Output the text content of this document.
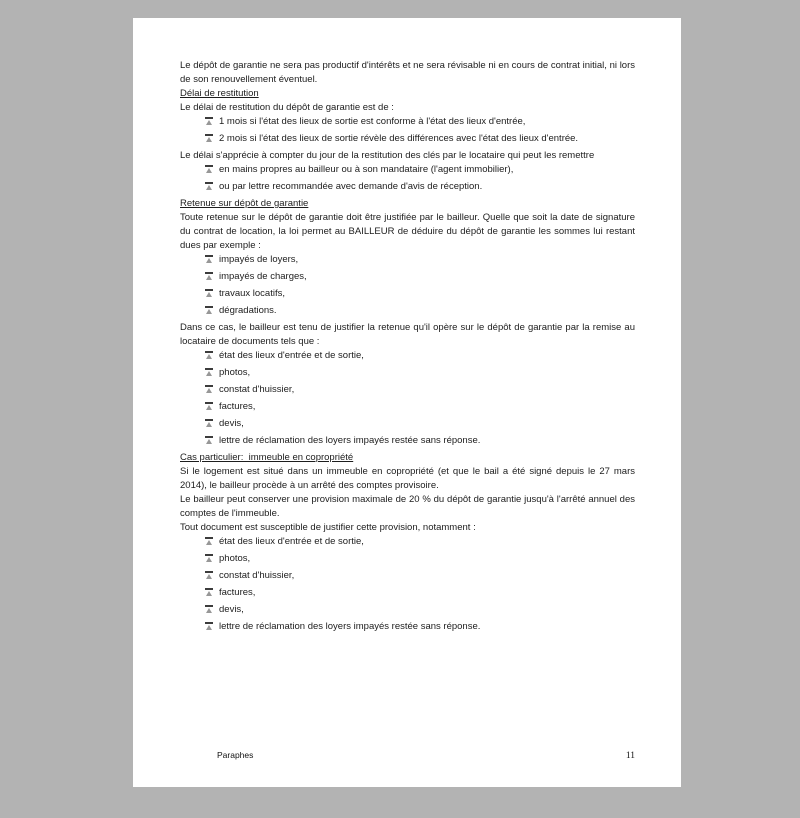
Le dépôt de garantie ne sera pas productif d'intérêts et ne sera révisable ni en cours de contrat initial, ni lors de son renouvellement éventuel.

Délai de restitution

Le délai de restitution du dépôt de garantie est de :

1 mois si l'état des lieux de sortie est conforme à l'état des lieux d'entrée,
2 mois si l'état des lieux de sortie révèle des différences avec l'état des lieux d'entrée.

Le délai s'apprécie à compter du jour de la restitution des clés par le locataire qui peut les remettre

en mains propres au bailleur ou à son mandataire (l'agent immobilier),
ou par lettre recommandée avec demande d'avis de réception.
Retenue sur dépôt de garantie

Toute retenue sur le dépôt de garantie doit être justifiée par le bailleur. Quelle que soit la date de signature du contrat de location, la loi permet au BAILLEUR de déduire du dépôt de garantie les sommes lui restant dues par exemple :

impayés de loyers,
impayés de charges,
travaux locatifs,
dégradations.

Dans ce cas, le bailleur est tenu de justifier la retenue qu'il opère sur le dépôt de garantie par la remise au locataire de documents tels que :

état des lieux d'entrée et de sortie,
photos,
constat d'huissier,
factures,
devis,
lettre de réclamation des loyers impayés restée sans réponse.
Cas particulier:  immeuble en copropriété

Si le logement est situé dans un immeuble en copropriété (et que le bail a été signé depuis le 27 mars 2014), le bailleur procède à un arrêté des comptes provisoire.

Le bailleur peut conserver une provision maximale de 20 % du dépôt de garantie jusqu'à l'arrêté annuel des comptes de l'immeuble.

Tout document est susceptible de justifier cette provision, notamment :

état des lieux d'entrée et de sortie,
photos,
constat d'huissier,
factures,
devis,
lettre de réclamation des loyers impayés restée sans réponse.
Paraphes	11
